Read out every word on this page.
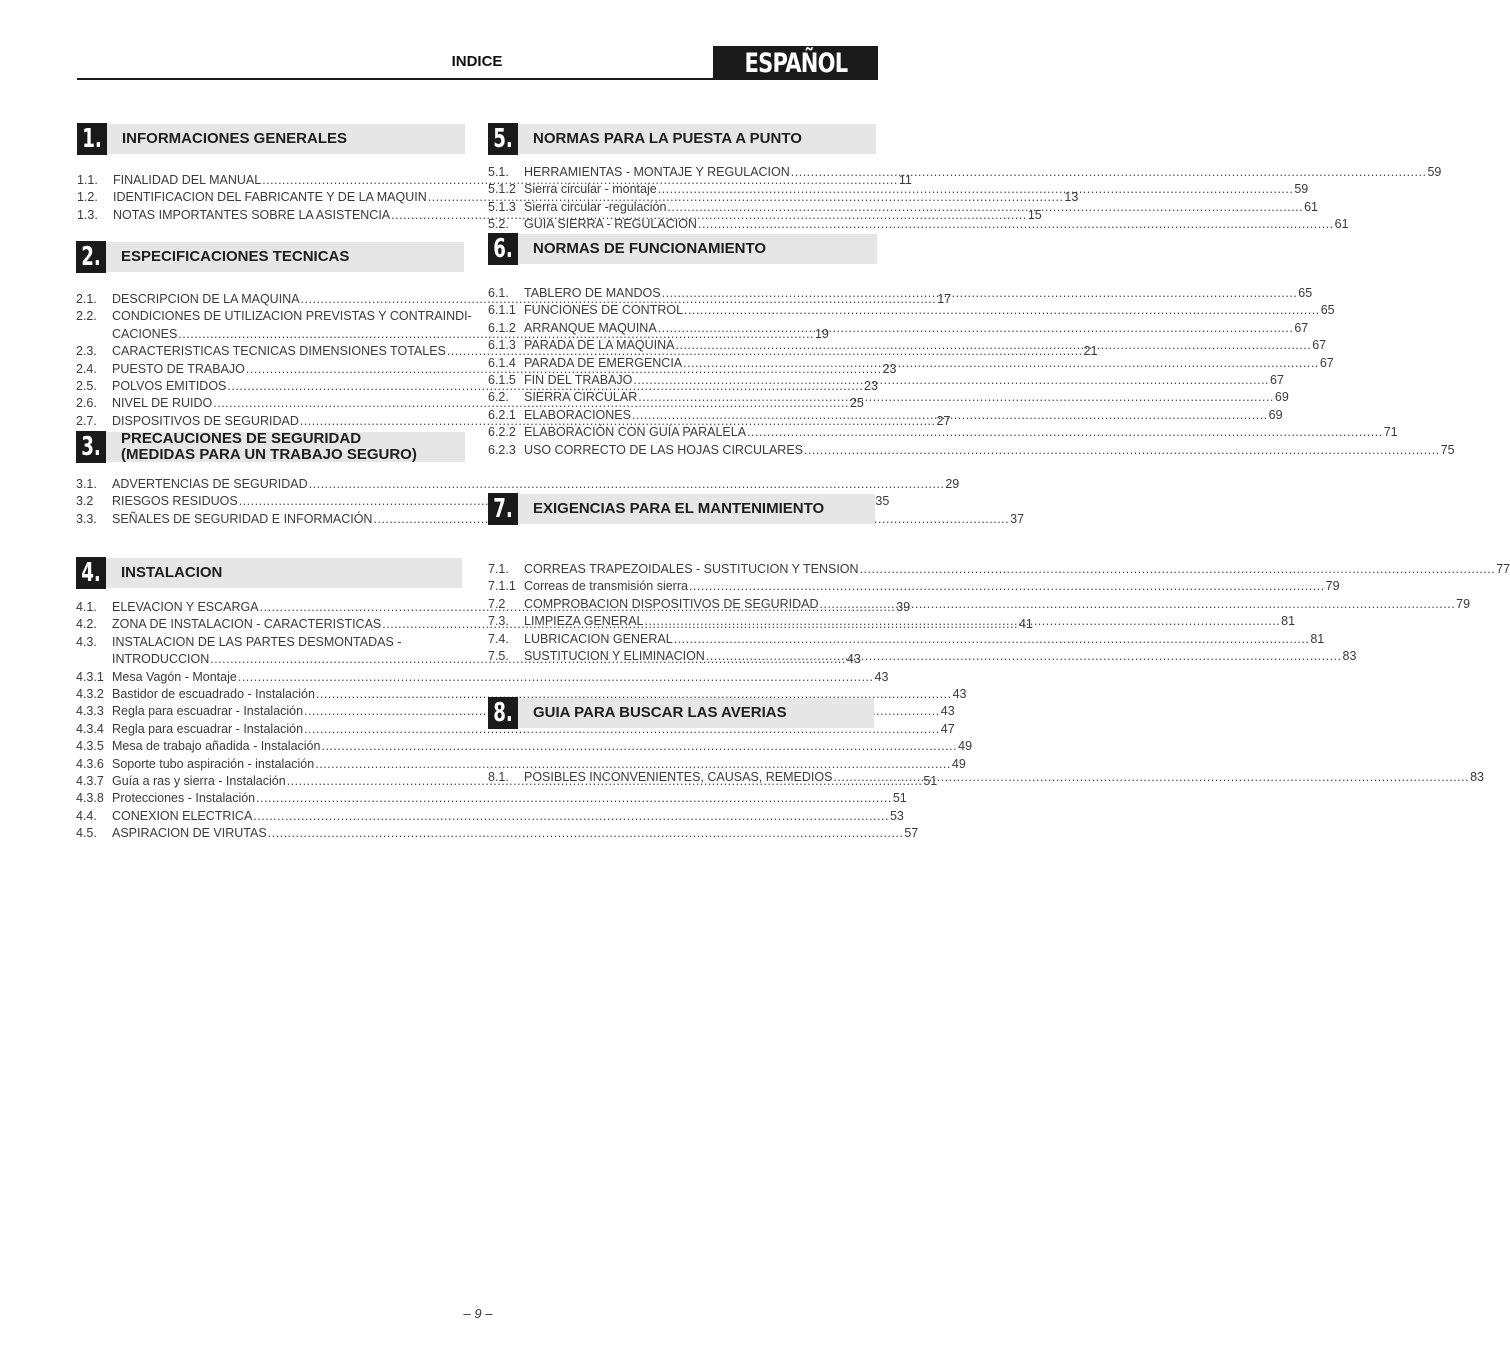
INDICE	ESPAÑOL
1. INFORMACIONES GENERALES
1.1.	FINALIDAD DEL MANUAL .....	11
1.2.	IDENTIFICACION DEL FABRICANTE Y DE LA MAQUIN .....	13
1.3.	NOTAS IMPORTANTES SOBRE LA ASISTENCIA .....	15
2. ESPECIFICACIONES TECNICAS
2.1.	DESCRIPCION DE LA MAQUINA .....	17
2.2.	CONDICIONES DE UTILIZACION PREVISTAS Y CONTRAINDI-
CACIONES .....	19
2.3.	CARACTERISTICAS TECNICAS DIMENSIONES TOTALES .....	21
2.4.	PUESTO DE TRABAJO .....	23
2.5.	POLVOS EMITIDOS .....	23
2.6.	NIVEL DE RUIDO .....	25
2.7.	DISPOSITIVOS DE SEGURIDAD .....	27
3. PRECAUCIONES DE SEGURIDAD
(MEDIDAS PARA UN TRABAJO SEGURO)
3.1.	ADVERTENCIAS DE SEGURIDAD .....	29
3.2	RIESGOS RESIDUOS .....	35
3.3.	SEÑALES DE SEGURIDAD E INFORMACIÓN .....	37
4. INSTALACION
4.1.	ELEVACION Y ESCARGA .....	39
4.2.	ZONA DE INSTALACION - CARACTERISTICAS .....	41
4.3.	INSTALACION DE LAS PARTES DESMONTADAS -
INTRODUCCION .....	43
4.3.1 Mesa Vagón - Montaje .....	43
4.3.2 Bastidor de escuadrado - Instalación .....	43
4.3.3 Regla para escuadrar - Instalación .....	43
4.3.4 Regla para escuadrar - Instalación .....	47
4.3.5 Mesa de trabajo añadida - Instalación .....	49
4.3.6 Soporte tubo aspiración - instalación .....	49
4.3.7 Guía a ras y sierra - Instalación .....	51
4.3.8 Protecciones - Instalación .....	51
4.4.	CONEXION ELECTRICA .....	53
4.5.	ASPIRACION DE VIRUTAS .....	57
5. NORMAS PARA LA PUESTA A PUNTO
5.1.	HERRAMIENTAS - MONTAJE Y REGULACION .....	59
5.1.2 Sierra circular - montaje .....	59
5.1.3 Sierra circular -regulación .....	61
5.2.	GUIA SIERRA - REGULACION .....	61
6. NORMAS DE FUNCIONAMIENTO
6.1.	TABLERO DE MANDOS .....	65
6.1.1 FUNCIONES DE CONTROL .....	65
6.1.2 ARRANQUE MAQUINA .....	67
6.1.3 PARADA DE LA MAQUINA .....	67
6.1.4 PARADA DE EMERGENCIA .....	67
6.1.5 FIN DEL TRABAJO .....	67
6.2.	SIERRA CIRCULAR .....	69
6.2.1 ELABORACIONES .....	69
6.2.2 ELABORACIÓN CON GUÍA PARALELA .....	71
6.2.3 USO CORRECTO DE LAS HOJAS CIRCULARES .....	75
7. EXIGENCIAS PARA EL MANTENIMIENTO
7.1.	CORREAS TRAPEZOIDALES - SUSTITUCION Y TENSION .....	77
7.1.1 Correas de transmisión sierra .....	79
7.2	COMPROBACION DISPOSITIVOS DE SEGURIDAD .....	79
7.3.	LIMPIEZA GENERAL .....	81
7.4.	LUBRICACION GENERAL .....	81
7.5.	SUSTITUCION Y ELIMINACION .....	83
8. GUIA PARA BUSCAR LAS AVERIAS
8.1.	POSIBLES INCONVENIENTES, CAUSAS, REMEDIOS .....	83
– 9 –
